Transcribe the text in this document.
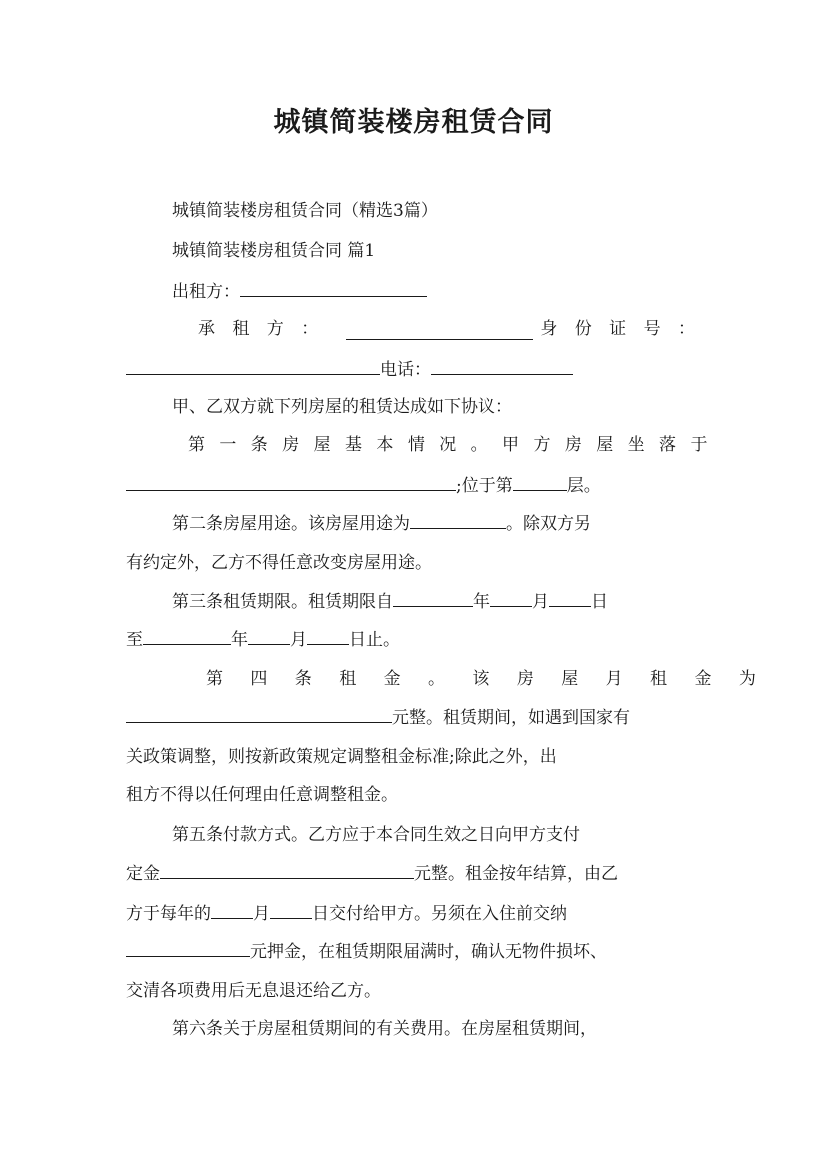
城镇简装楼房租赁合同
城镇简装楼房租赁合同（精选3篇）
城镇简装楼房租赁合同 篇1
出租方：
承 租 方 ：	身 份 证 号 ：
电话：
甲、乙双方就下列房屋的租赁达成如下协议：
第 一 条 房 屋 基 本 情 况 。 甲 方 房 屋 坐 落 于
;位于第	层。
第二条房屋用途。该房屋用途为	。除双方另
有约定外，乙方不得任意改变房屋用途。
第三条租赁期限。租赁期限自	年 月 日
至	年 月 日止。
第 四 条 租 金 。 该 房 屋 月 租 金 为
元整。租赁期间，如遇到国家有
关政策调整，则按新政策规定调整租金标准;除此之外，出
租方不得以任何理由任意调整租金。
第五条付款方式。乙方应于本合同生效之日向甲方支付
定金	元整。租金按年结算，由乙
方于每年的 月 日交付给甲方。另须在入住前交纳
元押金，在租赁期限届满时，确认无物件损坏、
交清各项费用后无息退还给乙方。
第六条关于房屋租赁期间的有关费用。在房屋租赁期间，
